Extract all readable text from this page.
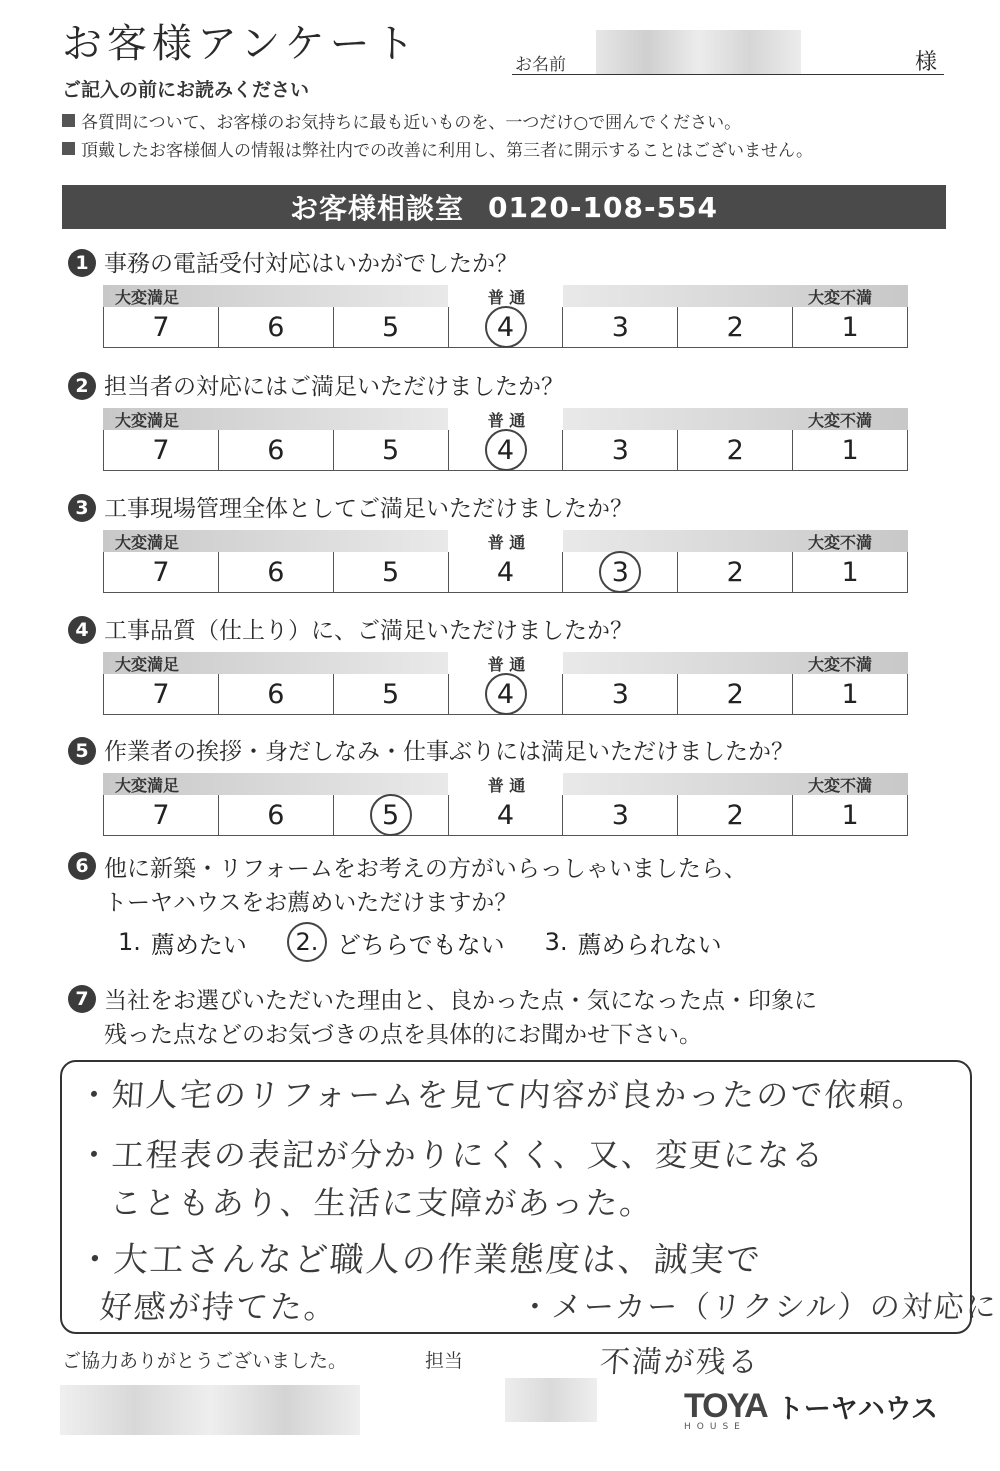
お客様アンケート	お名前	様
ご記入の前にお読みください
各質問について、お客様のお気持ちに最も近いものを、一つだけ○で囲んでください。
頂戴したお客様個人の情報は弊社内での改善に利用し、第三者に開示することはございません。
お客様相談室 0120-108-554
1 事務の電話受付対応はいかがでしたか？
大変満足	普 通	大変不満
7	6	5	4	3	2	1
2 担当者の対応にはご満足いただけましたか？
大変満足	普 通	大変不満
7	6	5	4	3	2	1
3 工事現場管理全体としてご満足いただけましたか？
大変満足	普 通	大変不満
7	6	5	4	3	2	1
4 工事品質（仕上り）に、ご満足いただけましたか？
大変満足	普 通	大変不満
7	6	5	4	3	2	1
5 作業者の挨拶・身だしなみ・仕事ぶりには満足いただけましたか？
大変満足	普 通	大変不満
7	6	5	4	3	2	1
6 他に新築・リフォームをお考えの方がいらっしゃいましたら、
トーヤハウスをお薦めいただけますか？
1. 薦めたい	2. どちらでもない 3. 薦められない
7 当社をお選びいただいた理由と、良かった点・気になった点・印象に
残った点などのお気づきの点を具体的にお聞かせ下さい。
・知人宅のリフォームを見て内容が良かったので依頼。
・工程表の表記が分かりにくく、又、変更になる
こともあり、生活に支障があった。
・大工さんなど職人の作業態度は、誠実で
好感が持てた。	・メーカー（リクシル）の対応に
不満が残る
ご協力ありがとうございました。	担当
TOYA
HOUSE
トーヤハウス
